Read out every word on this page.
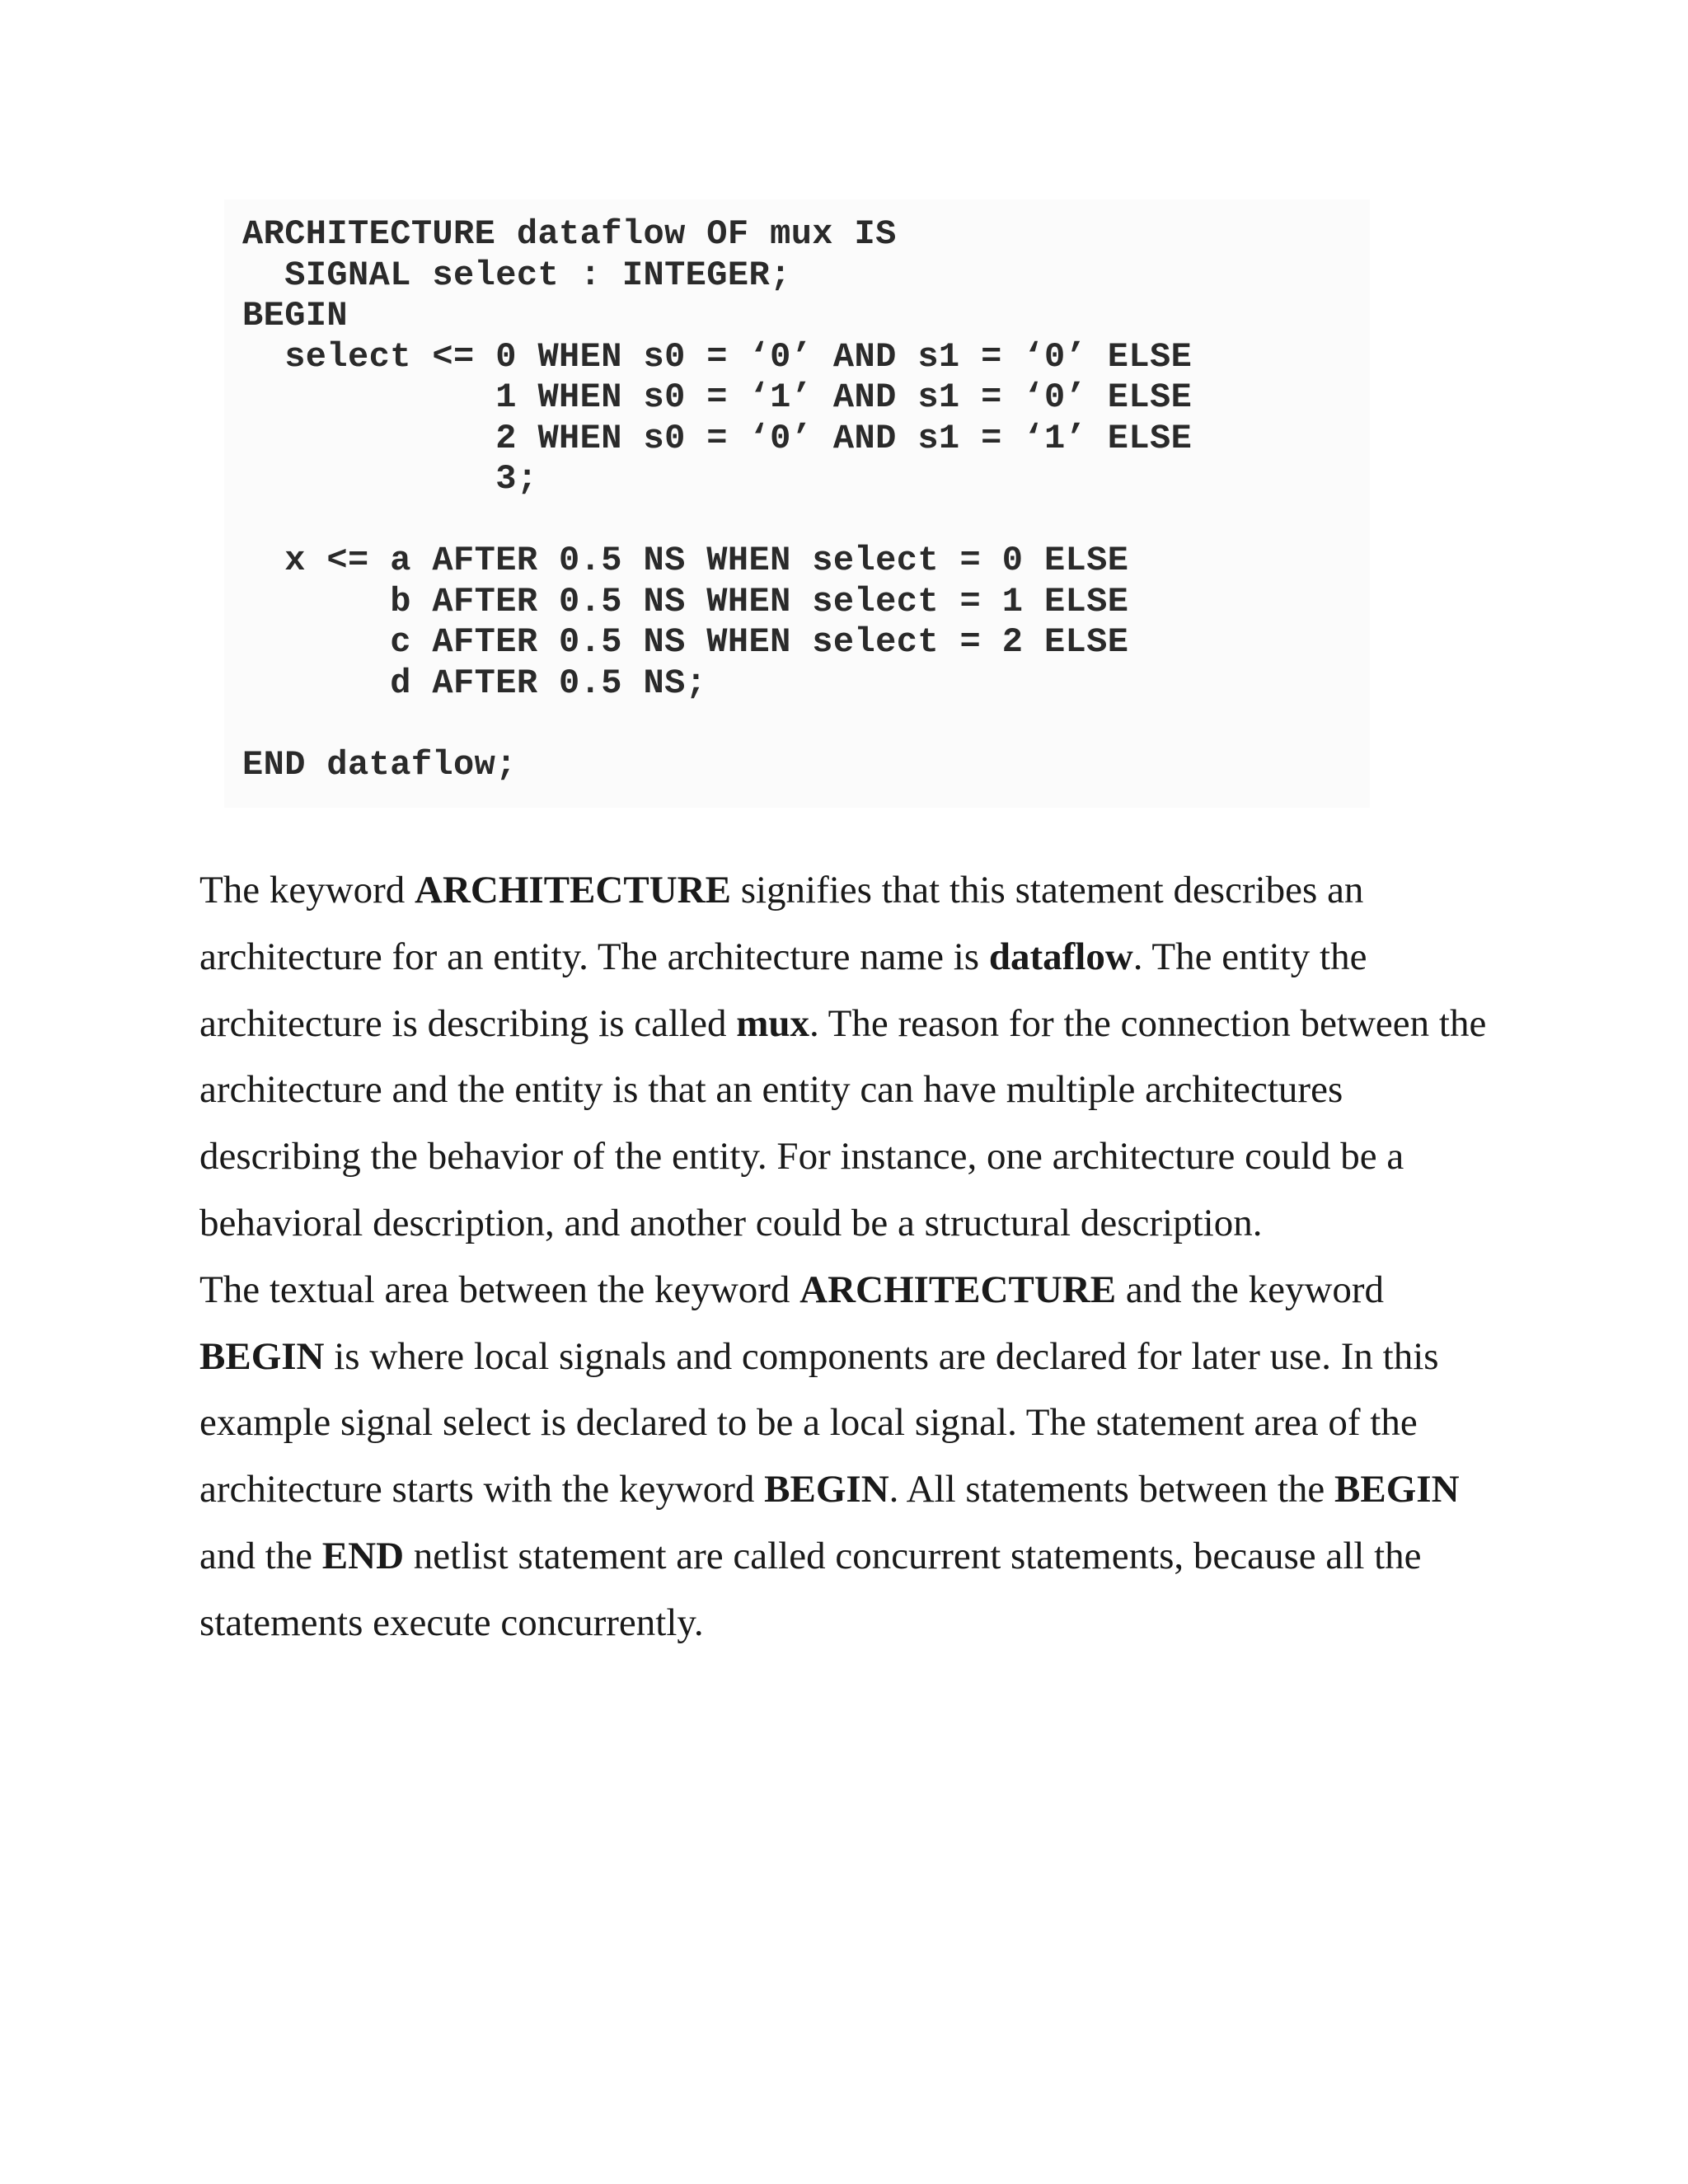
ARCHITECTURE dataflow OF mux IS
SIGNAL select : INTEGER;
BEGIN
select <= 0 WHEN s0 = ‘0’ AND s1 = ‘0’ ELSE
1 WHEN s0 = ‘1’ AND s1 = ‘0’ ELSE
2 WHEN s0 = ‘0’ AND s1 = ‘1’ ELSE
3;
x <= a AFTER 0.5 NS WHEN select = 0 ELSE
b AFTER 0.5 NS WHEN select = 1 ELSE
c AFTER 0.5 NS WHEN select = 2 ELSE
d AFTER 0.5 NS;
END dataflow;
The keyword ARCHITECTURE signifies that this statement describes an
architecture for an entity. The architecture name is dataflow. The entity the
architecture is describing is called mux. The reason for the connection between the
architecture and the entity is that an entity can have multiple architectures
describing the behavior of the entity. For instance, one architecture could be a
behavioral description, and another could be a structural description.
The textual area between the keyword ARCHITECTURE and the keyword
BEGIN is where local signals and components are declared for later use. In this
example signal select is declared to be a local signal. The statement area of the
architecture starts with the keyword BEGIN. All statements between the BEGIN
and the END netlist statement are called concurrent statements, because all the
statements execute concurrently.
